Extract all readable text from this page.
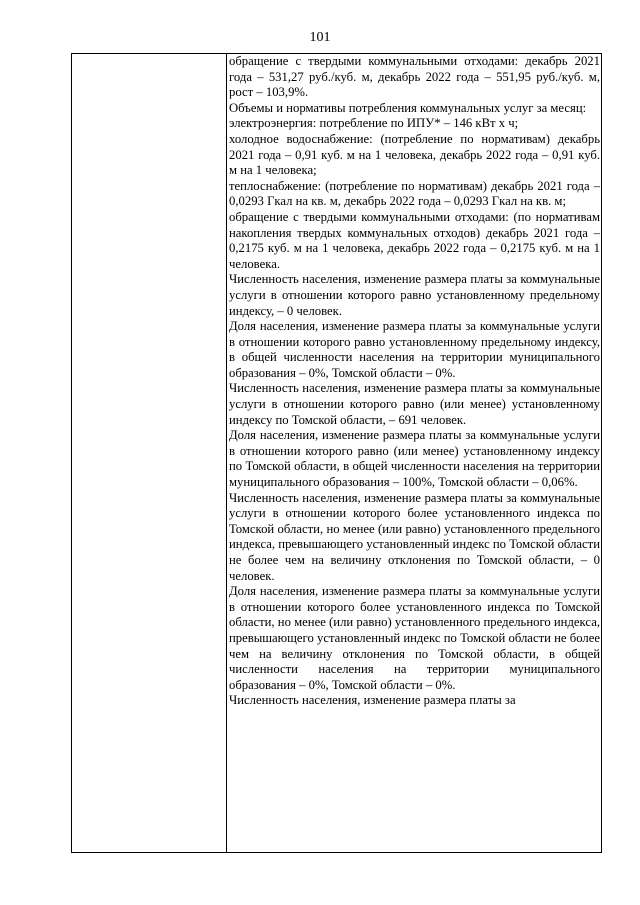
101

обращение с твердыми коммунальными отходами: декабрь 2021 года – 531,27 руб./куб. м, декабрь 2022 года – 551,95 руб./куб. м, рост – 103,9%.

Объемы и нормативы потребления коммунальных услуг за месяц:

электроэнергия: потребление по ИПУ* – 146 кВт х ч;

холодное водоснабжение: (потребление по нормативам) декабрь 2021 года – 0,91 куб. м на 1 человека, декабрь 2022 года – 0,91 куб. м на 1 человека;

теплоснабжение: (потребление по нормативам) декабрь 2021 года – 0,0293 Гкал на кв. м, декабрь 2022 года – 0,0293 Гкал на кв. м;

обращение с твердыми коммунальными отходами: (по нормативам накопления твердых коммунальных отходов) декабрь 2021 года – 0,2175 куб. м на 1 человека, декабрь 2022 года – 0,2175 куб. м на 1 человека.

Численность населения, изменение размера платы за коммунальные услуги в отношении которого равно установленному предельному индексу, – 0 человек.

Доля населения, изменение размера платы за коммунальные услуги в отношении которого равно установленному предельному индексу, в общей численности населения на территории муниципального образования – 0%, Томской области – 0%.

Численность населения, изменение размера платы за коммунальные услуги в отношении которого равно (или менее) установленному индексу по Томской области, – 691 человек.

Доля населения, изменение размера платы за коммунальные услуги в отношении которого равно (или менее) установленному индексу по Томской области, в общей численности населения на территории муниципального образования – 100%, Томской области – 0,06%.

Численность населения, изменение размера платы за коммунальные услуги в отношении которого более установленного индекса по Томской области, но менее (или равно) установленного предельного индекса, превышающего установленный индекс по Томской области не более чем на величину отклонения по Томской области, – 0 человек.

Доля населения, изменение размера платы за коммунальные услуги в отношении которого более установленного индекса по Томской области, но менее (или равно) установленного предельного индекса, превышающего установленный индекс по Томской области не более чем на величину отклонения по Томской области, в общей численности населения на территории муниципального образования – 0%, Томской области – 0%.

Численность населения, изменение размера платы за
